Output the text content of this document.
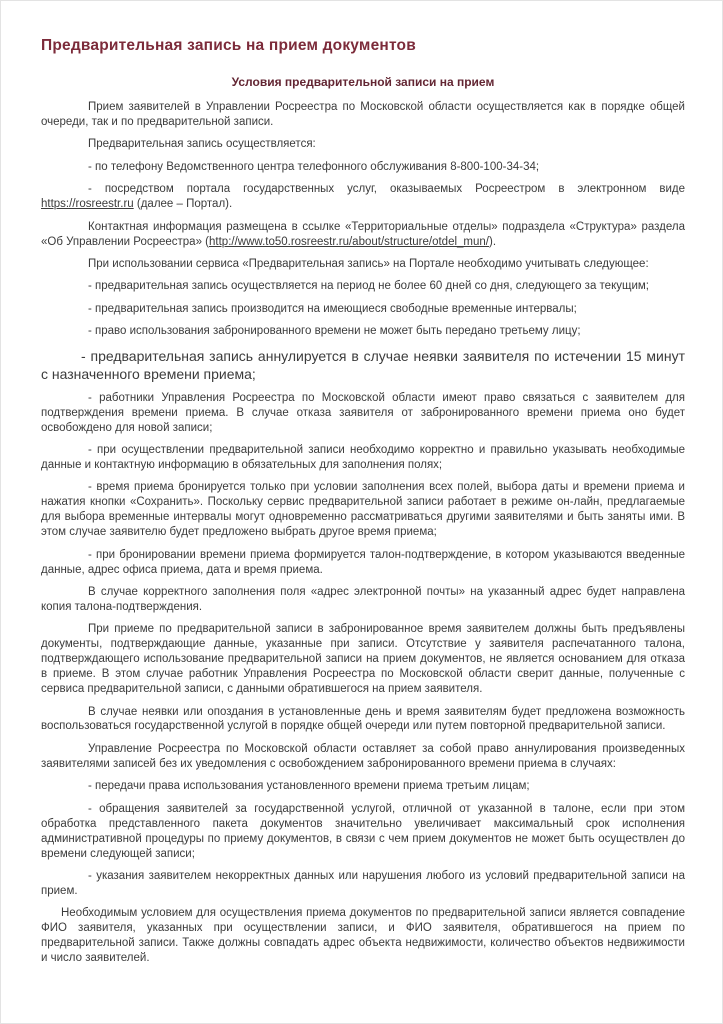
Предварительная запись на прием документов
Условия предварительной записи на прием

Прием заявителей в Управлении Росреестра по Московской области осуществляется как в порядке общей очереди, так и по предварительной записи.

Предварительная запись осуществляется:

- по телефону Ведомственного центра телефонного обслуживания 8-800-100-34-34;

- посредством портала государственных услуг, оказываемых Росреестром в электронном виде https://rosreestr.ru (далее – Портал).

Контактная информация размещена в ссылке «Территориальные отделы» подраздела «Структура» раздела «Об Управлении Росреестра» (http://www.to50.rosreestr.ru/about/structure/otdel_mun/).

При использовании сервиса «Предварительная запись» на Портале необходимо учитывать следующее:

- предварительная запись осуществляется на период не более 60 дней со дня, следующего за текущим;

- предварительная запись производится на имеющиеся свободные временные интервалы;

- право использования забронированного времени не может быть передано третьему лицу;

- предварительная запись аннулируется в случае неявки заявителя по истечении 15 минут с назначенного времени приема;

- работники Управления Росреестра по Московской области имеют право связаться с заявителем для подтверждения времени приема. В случае отказа заявителя от забронированного времени приема оно будет освобождено для новой записи;

- при осуществлении предварительной записи необходимо корректно и правильно указывать необходимые данные и контактную информацию в обязательных для заполнения полях;

- время приема бронируется только при условии заполнения всех полей, выбора даты и времени приема и нажатия кнопки «Сохранить». Поскольку сервис предварительной записи работает в режиме он-лайн, предлагаемые для выбора временные интервалы могут одновременно рассматриваться другими заявителями и быть заняты ими. В этом случае заявителю будет предложено выбрать другое время приема;

- при бронировании времени приема формируется талон-подтверждение, в котором указываются введенные данные, адрес офиса приема, дата и время приема.

В случае корректного заполнения поля «адрес электронной почты» на указанный адрес будет направлена копия талона-подтверждения.

При приеме по предварительной записи в забронированное время заявителем должны быть предъявлены документы, подтверждающие данные, указанные при записи. Отсутствие у заявителя распечатанного талона, подтверждающего использование предварительной записи на прием документов, не является основанием для отказа в приеме. В этом случае работник Управления Росреестра по Московской области сверит данные, полученные с сервиса предварительной записи, с данными обратившегося на прием заявителя.

В случае неявки или опоздания в установленные день и время заявителям будет предложена возможность воспользоваться государственной услугой в порядке общей очереди или путем повторной предварительной записи.

Управление Росреестра по Московской области оставляет за собой право аннулирования произведенных заявителями записей без их уведомления с освобождением забронированного времени приема в случаях:

- передачи права использования установленного времени приема третьим лицам;

- обращения заявителей за государственной услугой, отличной от указанной в талоне, если при этом обработка представленного пакета документов значительно увеличивает максимальный срок исполнения административной процедуры по приему документов, в связи с чем прием документов не может быть осуществлен до времени следующей записи;

- указания заявителем некорректных данных или нарушения любого из условий предварительной записи на прием.

Необходимым условием для осуществления приема документов по предварительной записи является совпадение ФИО заявителя, указанных при осуществлении записи, и ФИО заявителя, обратившегося на прием по предварительной записи. Также должны совпадать адрес объекта недвижимости, количество объектов недвижимости и число заявителей.
